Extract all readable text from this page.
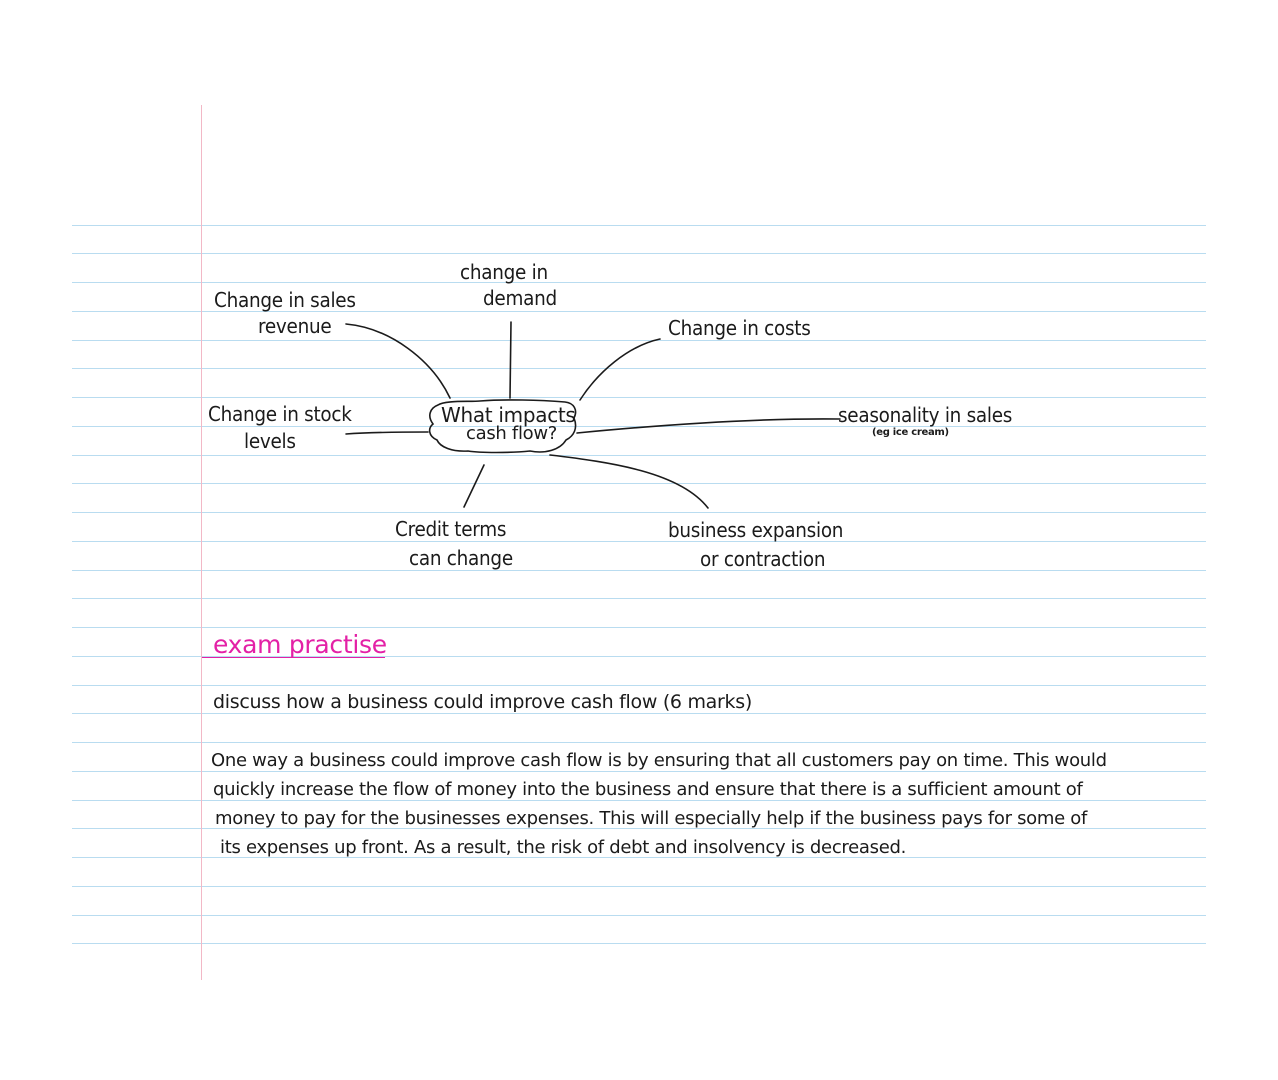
What impacts
cash flow?
Change in sales
revenue
change in
demand
Change in costs
Change in stock
levels
seasonality in sales
(eg ice cream)
Credit terms
can change
business expansion
or contraction
exam practise
discuss how a business could improve cash flow (6 marks)
One way a business could improve cash flow is by ensuring that all customers pay on time. This would
quickly increase the flow of money into the business and ensure that there is a sufficient amount of
money to pay for the businesses expenses. This will especially help if the business pays for some of
its expenses up front. As a result, the risk of debt and insolvency is decreased.
